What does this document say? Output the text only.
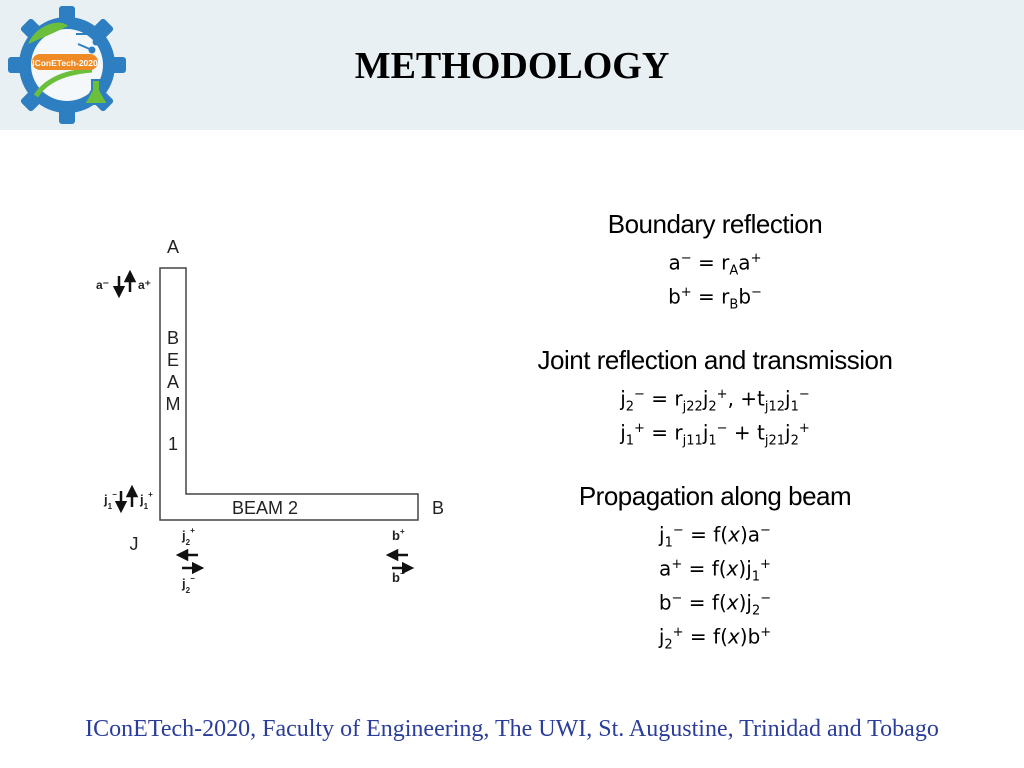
IConETech-2020	METHODOLOGY
A
B
J
B
E
A
M
1
BEAM 2
a⁻ a⁺
$j_1^-$ $j_1^+$
$j_2^+$
$j_2^-$
b+
b−
Boundary reflection
$a^- = r_Aa^+$
$b^+ = r_Bb^-$
Joint reflection and transmission
$j_2^- = r_{j22}j_2^+$, $+t_{j12}j_1^-$
$j_1^+ = r_{j11}j_1^- + t_{j21}j_2^+$
Propagation along beam
$j_1^- = f(x)a^-$
$a^+ = f(x)j_1^+$
$b^- = f(x)j_2^-$
$j_2^+ = f(x)b^+$
IConETech-2020, Faculty of Engineering, The UWI, St. Augustine, Trinidad and Tobago
